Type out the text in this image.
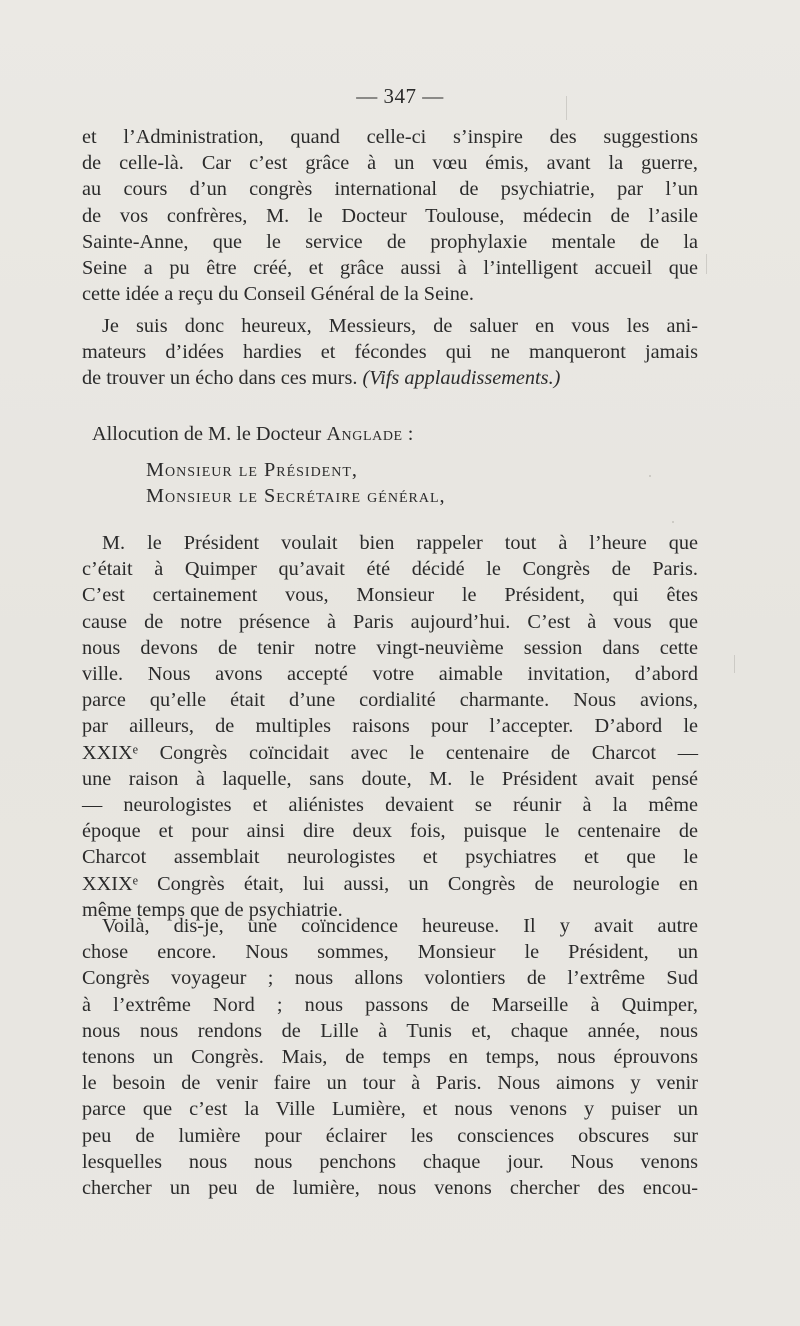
— 347 —

et l’Administration, quand celle-ci s’inspire des suggestions

de celle-là. Car c’est grâce à un vœu émis, avant la guerre,

au cours d’un congrès international de psychiatrie, par l’un

de vos confrères, M. le Docteur Toulouse, médecin de l’asile

Sainte-Anne, que le service de prophylaxie mentale de la

Seine a pu être créé, et grâce aussi à l’intelligent accueil que

cette idée a reçu du Conseil Général de la Seine.

Je suis donc heureux, Messieurs, de saluer en vous les ani-

mateurs d’idées hardies et fécondes qui ne manqueront jamais

de trouver un écho dans ces murs. (Vifs applaudissements.)

Allocution de M. le Docteur Anglade :
Monsieur le Président,
Monsieur le Secrétaire général,

M. le Président voulait bien rappeler tout à l’heure que

c’était à Quimper qu’avait été décidé le Congrès de Paris.

C’est certainement vous, Monsieur le Président, qui êtes

cause de notre présence à Paris aujourd’hui. C’est à vous que

nous devons de tenir notre vingt-neuvième session dans cette

ville. Nous avons accepté votre aimable invitation, d’abord

parce qu’elle était d’une cordialité charmante. Nous avions,

par ailleurs, de multiples raisons pour l’accepter. D’abord le

XXIXᵉ Congrès coïncidait avec le centenaire de Charcot —

une raison à laquelle, sans doute, M. le Président avait pensé

— neurologistes et aliénistes devaient se réunir à la même

époque et pour ainsi dire deux fois, puisque le centenaire de

Charcot assemblait neurologistes et psychiatres et que le

XXIXᵉ Congrès était, lui aussi, un Congrès de neurologie en

même temps que de psychiatrie.

Voilà, dis-je, une coïncidence heureuse. Il y avait autre

chose encore. Nous sommes, Monsieur le Président, un

Congrès voyageur ; nous allons volontiers de l’extrême Sud

à l’extrême Nord ; nous passons de Marseille à Quimper,

nous nous rendons de Lille à Tunis et, chaque année, nous

tenons un Congrès. Mais, de temps en temps, nous éprouvons

le besoin de venir faire un tour à Paris. Nous aimons y venir

parce que c’est la Ville Lumière, et nous venons y puiser un

peu de lumière pour éclairer les consciences obscures sur

lesquelles nous nous penchons chaque jour. Nous venons

chercher un peu de lumière, nous venons chercher des encou-
